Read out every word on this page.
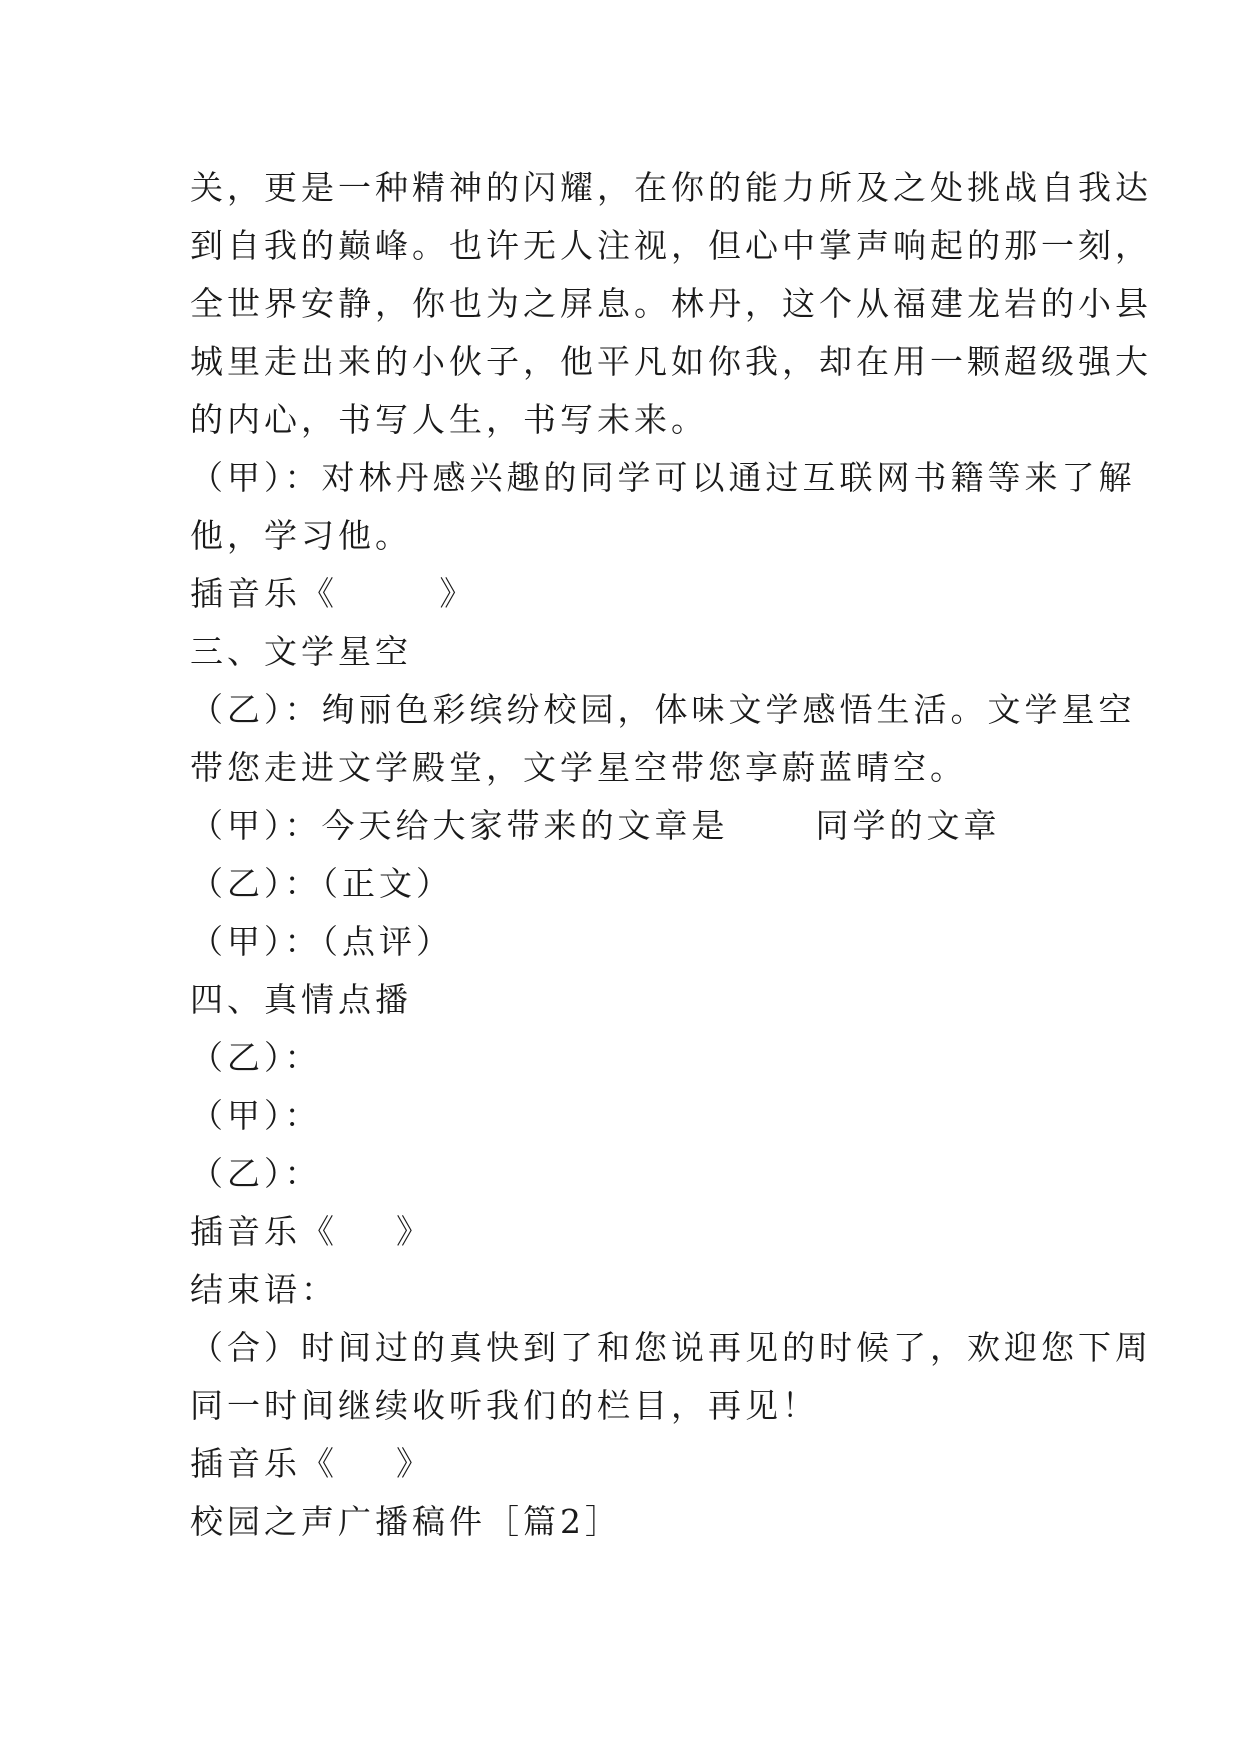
关，更是一种精神的闪耀，在你的能力所及之处挑战自我达
到自我的巅峰。也许无人注视，但心中掌声响起的那一刻，
全世界安静，你也为之屏息。林丹，这个从福建龙岩的小县
城里走出来的小伙子，他平凡如你我，却在用一颗超级强大
的内心，书写人生，书写未来。
（甲）：对林丹感兴趣的同学可以通过互联网书籍等来了解
他，学习他。
插音乐《       》
三、文学星空
（乙）：绚丽色彩缤纷校园，体味文学感悟生活。文学星空
带您走进文学殿堂，文学星空带您享蔚蓝晴空。
（甲）：今天给大家带来的文章是      同学的文章
（乙）：（正文）
（甲）：（点评）
四、真情点播
（乙）：
（甲）：
（乙）：
插音乐《    》
结束语：
（合）时间过的真快到了和您说再见的时候了，欢迎您下周
同一时间继续收听我们的栏目，再见！
插音乐《    》
校园之声广播稿件［篇2］
